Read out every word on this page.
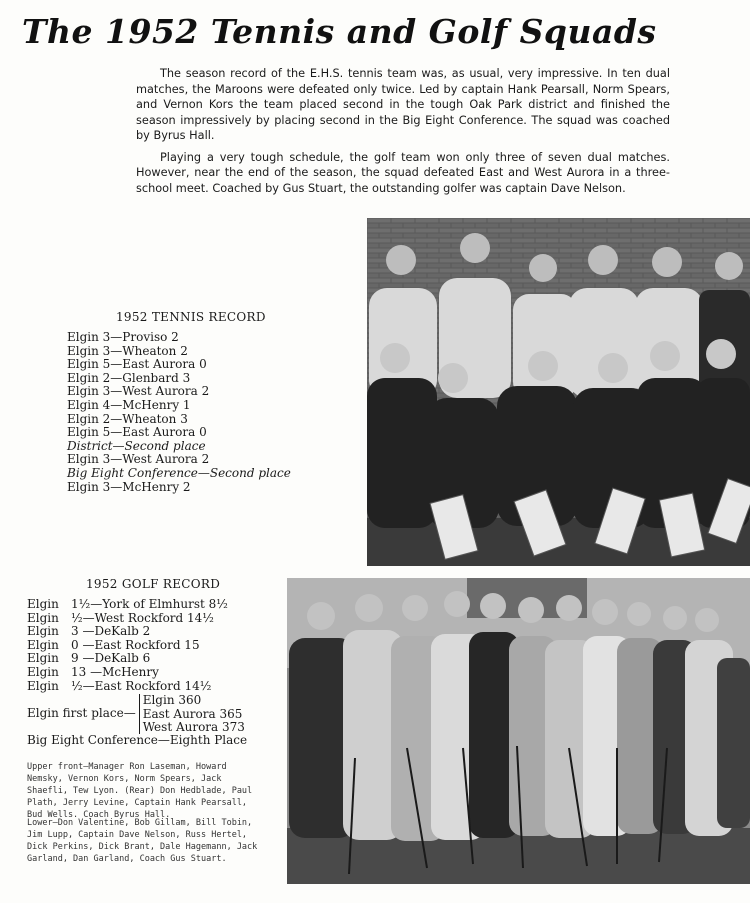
The 1952 Tennis and Golf Squads

The season record of the E.H.S. tennis team was, as usual, very impressive. In ten dual matches, the Maroons were defeated only twice. Led by captain Hank Pearsall, Norm Spears, and Vernon Kors the team placed second in the tough Oak Park district and finished the season impressively by placing second in the Big Eight Conference. The squad was coached by Byrus Hall.

Playing a very tough schedule, the golf team won only three of seven dual matches. However, near the end of the season, the squad defeated East and West Aurora in a three-school meet. Coached by Gus Stuart, the outstanding golfer was captain Dave Nelson.

1952 TENNIS RECORD
Elgin 3—Proviso 2
Elgin 3—Wheaton 2
Elgin 5—East Aurora 0
Elgin 2—Glenbard 3
Elgin 3—West Aurora 2
Elgin 4—McHenry 1
Elgin 2—Wheaton 3
Elgin 5—East Aurora 0
District—Second place
Elgin 3—West Aurora 2
Big Eight Conference—Second place
Elgin 3—McHenry 2
1952 GOLF RECORD
Elgin	1½—York of Elmhurst 8½
Elgin	½—West Rockford 14½
Elgin	3 —DeKalb 2
Elgin	0 —East Rockford 15
Elgin	9 —DeKalb 6
Elgin	13 —McHenry
Elgin	½—East Rockford 14½
Elgin first place—
Elgin 360
East Aurora 365
West Aurora 373
Big Eight Conference—Eighth Place
Upper front—Manager Ron Laseman, Howard Nemsky, Vernon Kors, Norm Spears, Jack Shaefli, Tew Lyon. (Rear) Don Hedblade, Paul Plath, Jerry Levine, Captain Hank Pearsall, Bud Wells. Coach Byrus Hall.
Lower—Don Valentine, Bob Gillam, Bill Tobin, Jim Lupp, Captain Dave Nelson, Russ Hertel, Dick Perkins, Dick Brant, Dale Hagemann, Jack Garland, Dan Garland, Coach Gus Stuart.
